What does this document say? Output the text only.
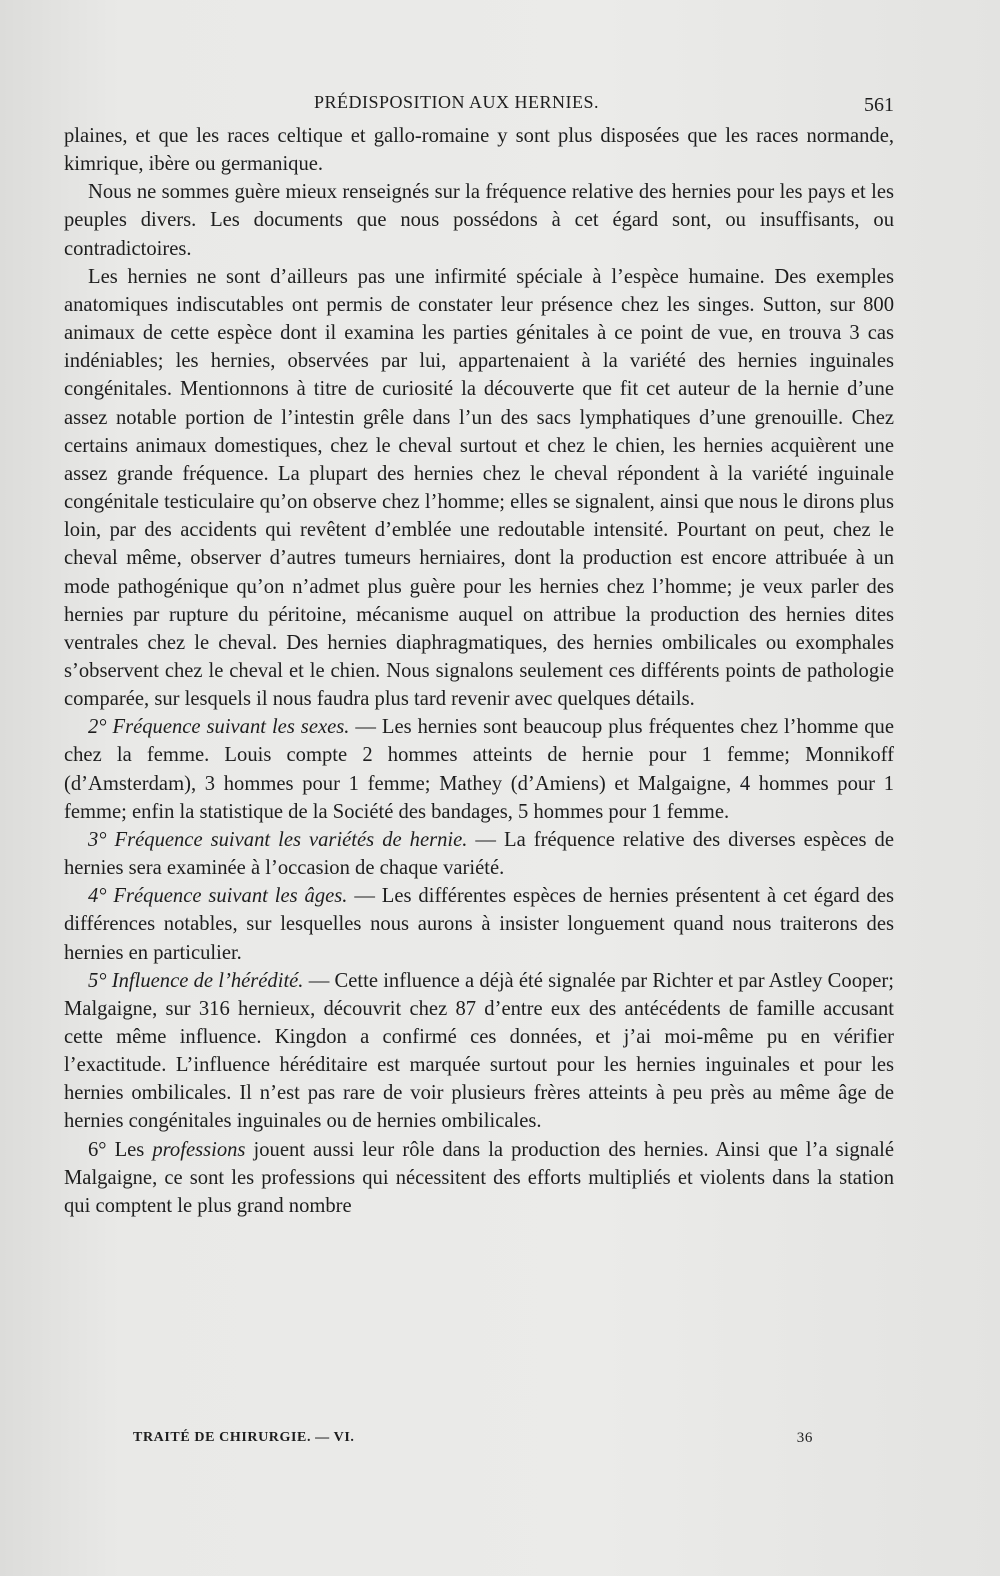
PRÉDISPOSITION AUX HERNIES.	561

plaines, et que les races celtique et gallo-romaine y sont plus disposées que les races normande, kimrique, ibère ou germanique.

Nous ne sommes guère mieux renseignés sur la fréquence relative des hernies pour les pays et les peuples divers. Les documents que nous possédons à cet égard sont, ou insuffisants, ou contradictoires.

Les hernies ne sont d’ailleurs pas une infirmité spéciale à l’espèce humaine. Des exemples anatomiques indiscutables ont permis de constater leur présence chez les singes. Sutton, sur 800 animaux de cette espèce dont il examina les parties génitales à ce point de vue, en trouva 3 cas indéniables; les hernies, observées par lui, appartenaient à la variété des hernies inguinales congénitales. Mentionnons à titre de curiosité la découverte que fit cet auteur de la hernie d’une assez notable portion de l’intestin grêle dans l’un des sacs lymphatiques d’une grenouille. Chez certains animaux domestiques, chez le cheval surtout et chez le chien, les hernies acquièrent une assez grande fréquence. La plupart des hernies chez le cheval répondent à la variété inguinale congénitale testiculaire qu’on observe chez l’homme; elles se signalent, ainsi que nous le dirons plus loin, par des accidents qui revêtent d’emblée une redoutable intensité. Pourtant on peut, chez le cheval même, observer d’autres tumeurs herniaires, dont la production est encore attribuée à un mode pathogénique qu’on n’admet plus guère pour les hernies chez l’homme; je veux parler des hernies par rupture du péritoine, mécanisme auquel on attribue la production des hernies dites ventrales chez le cheval. Des hernies diaphragmatiques, des hernies ombilicales ou exomphales s’observent chez le cheval et le chien. Nous signalons seulement ces différents points de pathologie comparée, sur lesquels il nous faudra plus tard revenir avec quelques détails.

2° Fréquence suivant les sexes. — Les hernies sont beaucoup plus fréquentes chez l’homme que chez la femme. Louis compte 2 hommes atteints de hernie pour 1 femme; Monnikoff (d’Amsterdam), 3 hommes pour 1 femme; Mathey (d’Amiens) et Malgaigne, 4 hommes pour 1 femme; enfin la statistique de la Société des bandages, 5 hommes pour 1 femme.

3° Fréquence suivant les variétés de hernie. — La fréquence relative des diverses espèces de hernies sera examinée à l’occasion de chaque variété.

4° Fréquence suivant les âges. — Les différentes espèces de hernies présentent à cet égard des différences notables, sur lesquelles nous aurons à insister longuement quand nous traiterons des hernies en particulier.

5° Influence de l’hérédité. — Cette influence a déjà été signalée par Richter et par Astley Cooper; Malgaigne, sur 316 hernieux, découvrit chez 87 d’entre eux des antécédents de famille accusant cette même influence. Kingdon a confirmé ces données, et j’ai moi-même pu en vérifier l’exactitude. L’influence héréditaire est marquée surtout pour les hernies inguinales et pour les hernies ombilicales. Il n’est pas rare de voir plusieurs frères atteints à peu près au même âge de hernies congénitales inguinales ou de hernies ombilicales.

6° Les professions jouent aussi leur rôle dans la production des hernies. Ainsi que l’a signalé Malgaigne, ce sont les professions qui nécessitent des efforts multipliés et violents dans la station qui comptent le plus grand nombre

TRAITÉ DE CHIRURGIE. — VI.	36
